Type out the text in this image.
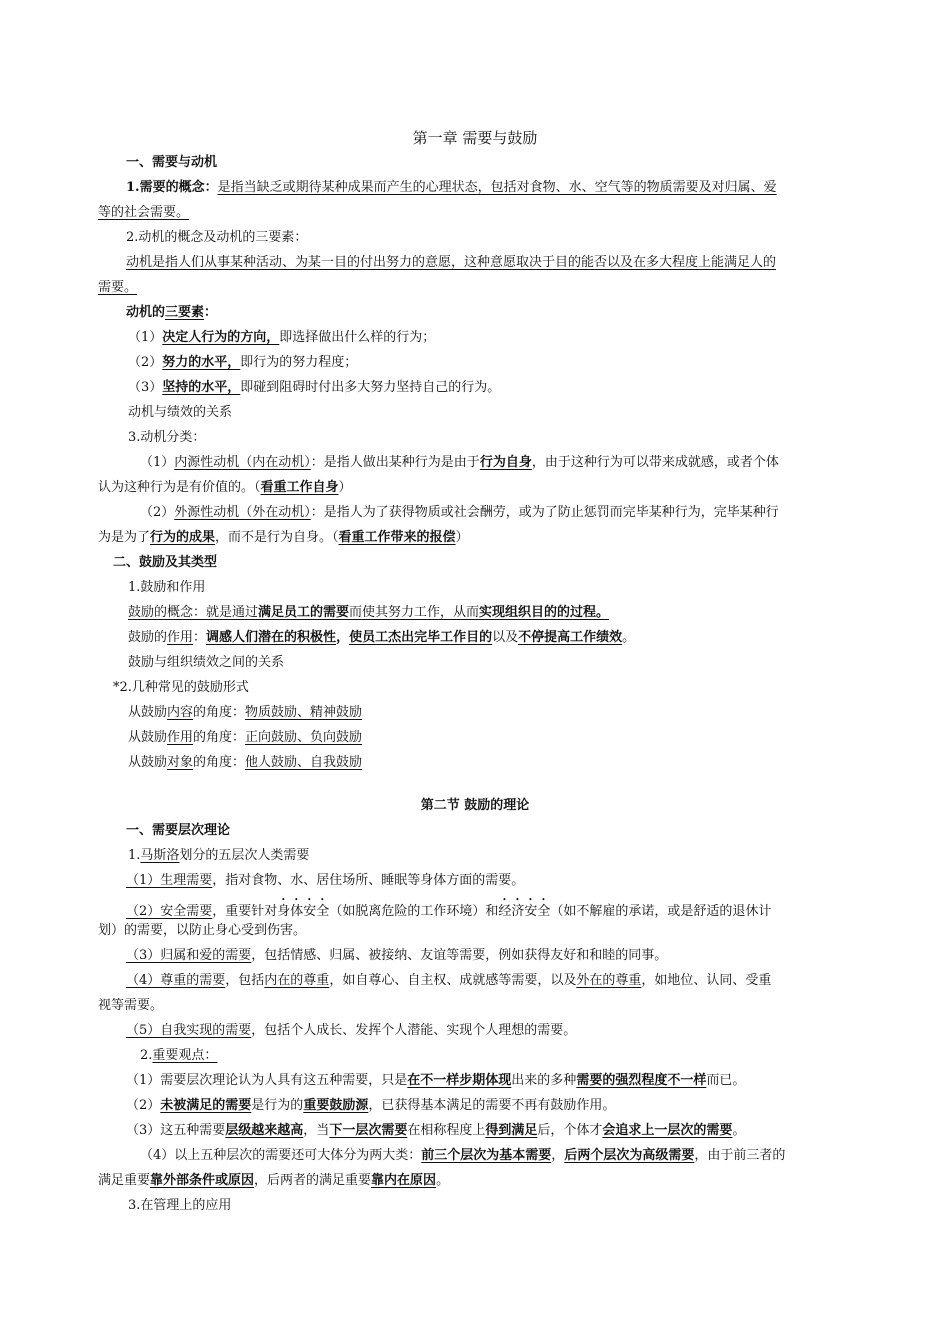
第一章 需要与鼓励
一、需要与动机
1.需要的概念：是指当缺乏或期待某种成果而产生的心理状态，包括对食物、水、空气等的物质需要及对归属、爱
等的社会需要。
2.动机的概念及动机的三要素：
动机是指人们从事某种活动、为某一目的付出努力的意愿，这种意愿取决于目的能否以及在多大程度上能满足人的
需要。
动机的三要素：
（1）决定人行为的方向，即选择做出什么样的行为；
（2）努力的水平，即行为的努力程度；
（3）坚持的水平，即碰到阻碍时付出多大努力坚持自己的行为。
动机与绩效的关系
3.动机分类：
（1）内源性动机（内在动机）：是指人做出某种行为是由于行为自身，由于这种行为可以带来成就感，或者个体
认为这种行为是有价值的。（看重工作自身）
（2）外源性动机（外在动机）：是指人为了获得物质或社会酬劳，或为了防止惩罚而完毕某种行为，完毕某种行
为是为了行为的成果，而不是行为自身。（看重工作带来的报偿）
二、鼓励及其类型
1.鼓励和作用
鼓励的概念：就是通过满足员工的需要而使其努力工作，从而实现组织目的的过程。
鼓励的作用：调感人们潜在的积极性，使员工杰出完毕工作目的以及不停提高工作绩效。
鼓励与组织绩效之间的关系
*2.几种常见的鼓励形式
从鼓励内容的角度：物质鼓励、精神鼓励
从鼓励作用的角度：正向鼓励、负向鼓励
从鼓励对象的角度：他人鼓励、自我鼓励
第二节 鼓励的理论
一、需要层次理论
1.马斯洛划分的五层次人类需要
（1）生理需要，指对食物、水、居住场所、睡眠等身体方面的需要。
（2）安全需要，重要针对身体安全（如脱离危险的工作环境）和经济安全（如不解雇的承诺，或是舒适的退休计
划）的需要，以防止身心受到伤害。
（3）归属和爱的需要，包括情感、归属、被接纳、友谊等需要，例如获得友好和和睦的同事。
（4）尊重的需要，包括内在的尊重，如自尊心、自主权、成就感等需要，以及外在的尊重，如地位、认同、受重
视等需要。
（5）自我实现的需要，包括个人成长、发挥个人潜能、实现个人理想的需要。
2.重要观点：
（1）需要层次理论认为人具有这五种需要，只是在不一样步期体现出来的多种需要的强烈程度不一样而已。
（2）未被满足的需要是行为的重要鼓励源，已获得基本满足的需要不再有鼓励作用。
（3）这五种需要层级越来越高，当下一层次需要在相称程度上得到满足后，个体才会追求上一层次的需要。
（4）以上五种层次的需要还可大体分为两大类：前三个层次为基本需要，后两个层次为高级需要，由于前三者的
满足重要靠外部条件或原因，后两者的满足重要靠内在原因。
3.在管理上的应用
